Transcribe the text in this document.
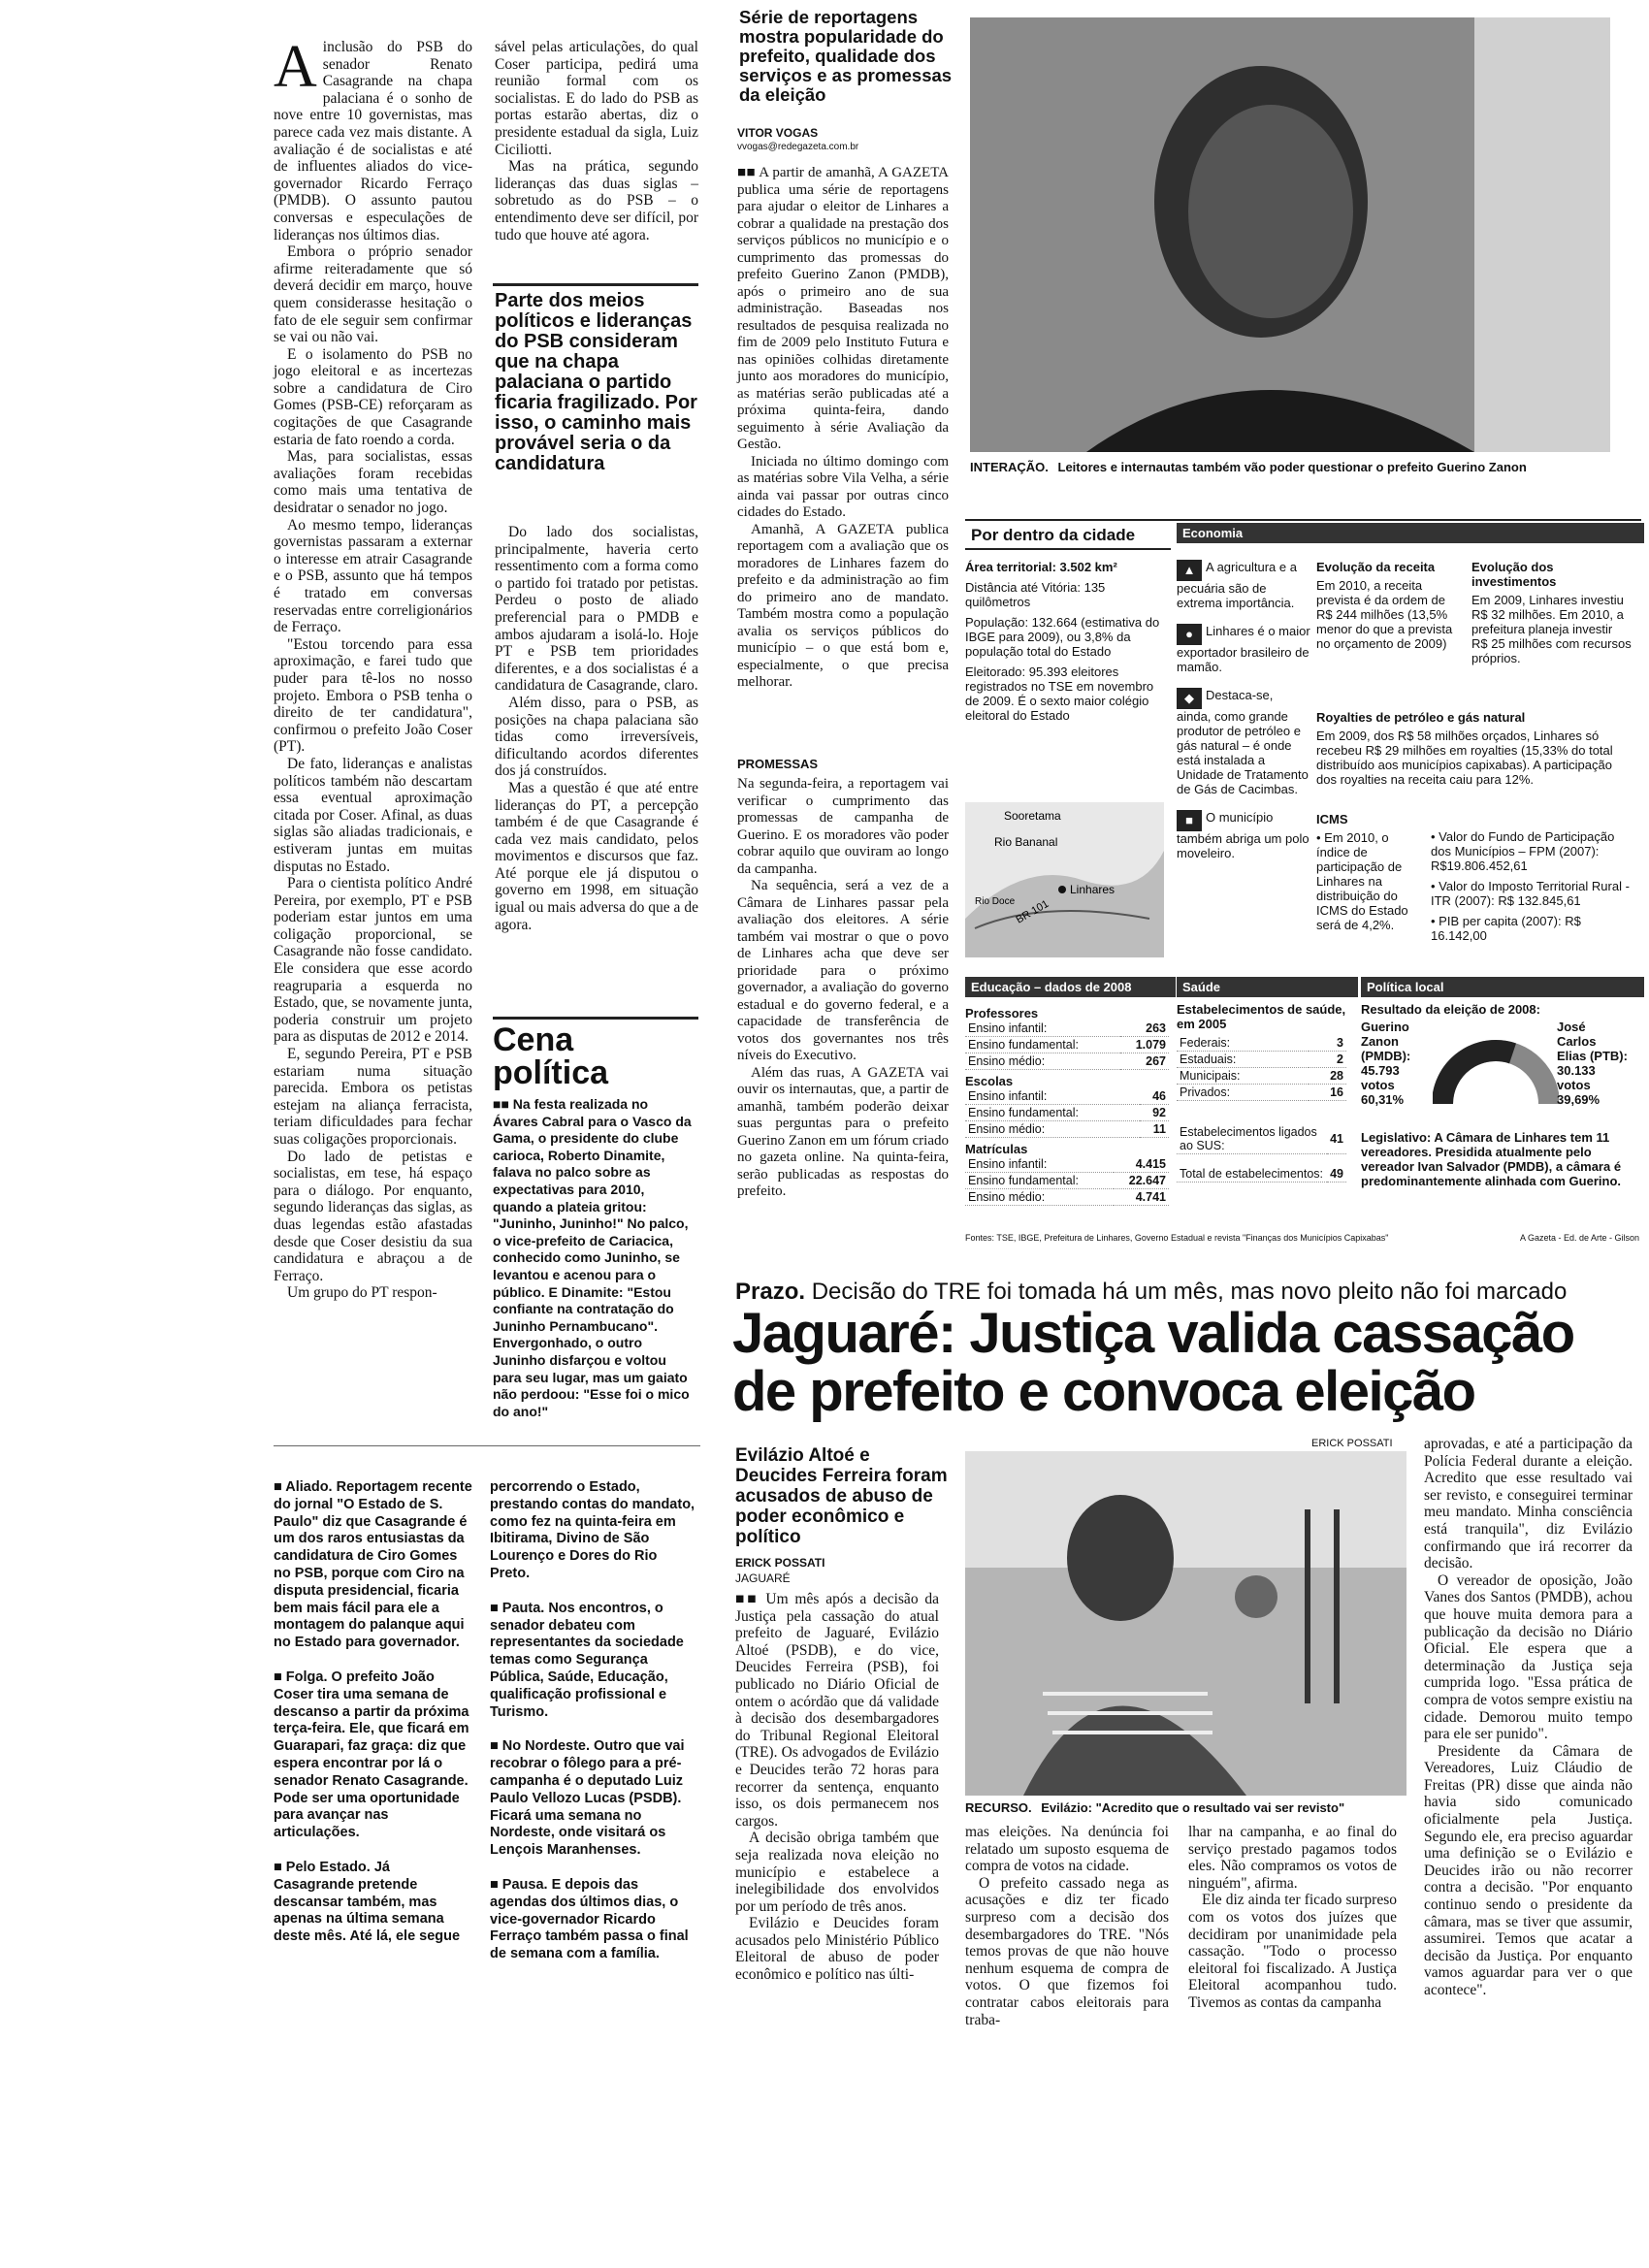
A inclusão do PSB do senador Renato Casagrande na chapa palaciana é o sonho de nove entre 10 governistas, mas parece cada vez mais distante. A avaliação é de socialistas e até de influentes aliados do vice-governador Ricardo Ferraço (PMDB). O assunto pautou conversas e especulações de lideranças nos últimos dias.

Embora o próprio senador afirme reiteradamente que só deverá decidir em março, houve quem considerasse hesitação o fato de ele seguir sem confirmar se vai ou não vai.

E o isolamento do PSB no jogo eleitoral e as incertezas sobre a candidatura de Ciro Gomes (PSB-CE) reforçaram as cogitações de que Casagrande estaria de fato roendo a corda.

Mas, para socialistas, essas avaliações foram recebidas como mais uma tentativa de desidratar o senador no jogo.

Ao mesmo tempo, lideranças governistas passaram a externar o interesse em atrair Casagrande e o PSB, assunto que há tempos é tratado em conversas reservadas entre correligionários de Ferraço.

"Estou torcendo para essa aproximação, e farei tudo que puder para tê-los no nosso projeto. Embora o PSB tenha o direito de ter candidatura", confirmou o prefeito João Coser (PT).

De fato, lideranças e analistas políticos também não descartam essa eventual aproximação citada por Coser. Afinal, as duas siglas são aliadas tradicionais, e estiveram juntas em muitas disputas no Estado.

Para o cientista político André Pereira, por exemplo, PT e PSB poderiam estar juntos em uma coligação proporcional, se Casagrande não fosse candidato. Ele considera que esse acordo reagruparia a esquerda no Estado, que, se novamente junta, poderia construir um projeto para as disputas de 2012 e 2014.

E, segundo Pereira, PT e PSB estariam numa situação parecida. Embora os petistas estejam na aliança ferracista, teriam dificuldades para fechar suas coligações proporcionais.

Do lado de petistas e socialistas, em tese, há espaço para o diálogo. Por enquanto, segundo lideranças das siglas, as duas legendas estão afastadas desde que Coser desistiu da sua candidatura e abraçou a de Ferraço.

Um grupo do PT respon-

sável pelas articulações, do qual Coser participa, pedirá uma reunião formal com os socialistas. E do lado do PSB as portas estarão abertas, diz o presidente estadual da sigla, Luiz Ciciliotti.

Mas na prática, segundo lideranças das duas siglas – sobretudo as do PSB – o entendimento deve ser difícil, por tudo que houve até agora.

Parte dos meios políticos e lideranças do PSB consideram que na chapa palaciana o partido ficaria fragilizado. Por isso, o caminho mais provável seria o da candidatura

Do lado dos socialistas, principalmente, haveria certo ressentimento com a forma como o partido foi tratado por petistas. Perdeu o posto de aliado preferencial para o PMDB e ambos ajudaram a isolá-lo. Hoje PT e PSB tem prioridades diferentes, e a dos socialistas é a candidatura de Casagrande, claro.

Além disso, para o PSB, as posições na chapa palaciana são tidas como irreversíveis, dificultando acordos diferentes dos já construídos.

Mas a questão é que até entre lideranças do PT, a percepção também é de que Casagrande é cada vez mais candidato, pelos movimentos e discursos que faz. Até porque ele já disputou o governo em 1998, em situação igual ou mais adversa do que a de agora.

Cena política
■■ Na festa realizada no Ávares Cabral para o Vasco da Gama, o presidente do clube carioca, Roberto Dinamite, falava no palco sobre as expectativas para 2010, quando a plateia gritou: "Juninho, Juninho!" No palco, o vice-prefeito de Cariacica, conhecido como Juninho, se levantou e acenou para o público. E Dinamite: "Estou confiante na contratação do Juninho Pernambucano". Envergonhado, o outro Juninho disfarçou e voltou para seu lugar, mas um gaiato não perdoou: "Esse foi o mico do ano!"

■ Aliado. Reportagem recente do jornal "O Estado de S. Paulo" diz que Casagrande é um dos raros entusiastas da candidatura de Ciro Gomes no PSB, porque com Ciro na disputa presidencial, ficaria bem mais fácil para ele a montagem do palanque aqui no Estado para governador.

■ Folga. O prefeito João Coser tira uma semana de descanso a partir da próxima terça-feira. Ele, que ficará em Guarapari, faz graça: diz que espera encontrar por lá o senador Renato Casagrande. Pode ser uma oportunidade para avançar nas articulações.

■ Pelo Estado. Já Casagrande pretende descansar também, mas apenas na última semana deste mês. Até lá, ele segue

percorrendo o Estado, prestando contas do mandato, como fez na quinta-feira em Ibitirama, Divino de São Lourenço e Dores do Rio Preto.

■ Pauta. Nos encontros, o senador debateu com representantes da sociedade temas como Segurança Pública, Saúde, Educação, qualificação profissional e Turismo.

■ No Nordeste. Outro que vai recobrar o fôlego para a pré-campanha é o deputado Luiz Paulo Vellozo Lucas (PSDB). Ficará uma semana no Nordeste, onde visitará os Lençois Maranhenses.

■ Pausa. E depois das agendas dos últimos dias, o vice-governador Ricardo Ferraço também passa o final de semana com a família.

Série de reportagens mostra popularidade do prefeito, qualidade dos serviços e as promessas da eleição
VITOR VOGAS
vvogas@redegazeta.com.br

■■ A partir de amanhã, A GAZETA publica uma série de reportagens para ajudar o eleitor de Linhares a cobrar a qualidade na prestação dos serviços públicos no município e o cumprimento das promessas do prefeito Guerino Zanon (PMDB), após o primeiro ano de sua administração. Baseadas nos resultados de pesquisa realizada no fim de 2009 pelo Instituto Futura e nas opiniões colhidas diretamente junto aos moradores do município, as matérias serão publicadas até a próxima quinta-feira, dando seguimento à série Avaliação da Gestão.

Iniciada no último domingo com as matérias sobre Vila Velha, a série ainda vai passar por outras cinco cidades do Estado.

Amanhã, A GAZETA publica reportagem com a avaliação que os moradores de Linhares fazem do prefeito e da administração ao fim do primeiro ano de mandato. Também mostra como a população avalia os serviços públicos do município – o que está bom e, especialmente, o que precisa melhorar.

PROMESSAS

Na segunda-feira, a reportagem vai verificar o cumprimento das promessas de campanha de Guerino. E os moradores vão poder cobrar aquilo que ouviram ao longo da campanha.

Na sequência, será a vez de a Câmara de Linhares passar pela avaliação dos eleitores. A série também vai mostrar o que o povo de Linhares acha que deve ser prioridade para o próximo governador, a avaliação do governo estadual e do governo federal, e a capacidade de transferência de votos dos governantes nos três níveis do Executivo.

Além das ruas, A GAZETA vai ouvir os internautas, que, a partir de amanhã, também poderão deixar suas perguntas para o prefeito Guerino Zanon em um fórum criado no gazeta online. Na quinta-feira, serão publicadas as respostas do prefeito.

INTERAÇÃO. Leitores e internautas também vão poder questionar o prefeito Guerino Zanon
Por dentro da cidade
Área territorial: 3.502 km²
Distância até Vitória: 135 quilômetros
População: 132.664 (estimativa do IBGE para 2009), ou 3,8% da população total do Estado
Eleitorado: 95.393 eleitores registrados no TSE em novembro de 2009. É o sexto maior colégio eleitoral do Estado
Sooretama
Rio Bananal
Rio Doce BR 101
Linhares
Economia
▲ A agricultura e a pecuária são de extrema importância.
● Linhares é o maior exportador brasileiro de mamão.
◆ Destaca-se, ainda, como grande produtor de petróleo e gás natural – é onde está instalada a Unidade de Tratamento de Gás de Cacimbas.
■ O município também abriga um polo moveleiro.
Evolução da receita
Em 2010, a receita prevista é da ordem de R$ 244 milhões (13,5% menor do que a prevista no orçamento de 2009)
Evolução dos investimentos
Em 2009, Linhares investiu R$ 32 milhões. Em 2010, a prefeitura planeja investir R$ 25 milhões com recursos próprios.
Royalties de petróleo e gás natural
Em 2009, dos R$ 58 milhões orçados, Linhares só recebeu R$ 29 milhões em royalties (15,33% do total distribuído aos municípios capixabas). A participação dos royalties na receita caiu para 12%.
ICMS
• Em 2010, o índice de participação de Linhares na distribuição do ICMS do Estado será de 4,2%.
• Valor do Fundo de Participação dos Municípios – FPM (2007): R$19.806.452,61
• Valor do Imposto Territorial Rural - ITR (2007): R$ 132.845,61
• PIB per capita (2007): R$ 16.142,00
Educação – dados de 2008
Professores
Ensino infantil:	263
Ensino fundamental:	1.079
Ensino médio:	267
Escolas
Ensino infantil:	46
Ensino fundamental:	92
Ensino médio:	11
Matrículas
Ensino infantil:	4.415
Ensino fundamental:	22.647
Ensino médio:	4.741
Saúde
Estabelecimentos de saúde, em 2005
Federais:	3
Estaduais:	2
Municipais:	28
Privados:	16
Estabelecimentos ligados ao SUS:	41
Total de estabelecimentos:	49
Política local
Resultado da eleição de 2008:
Guerino
Zanon
(PMDB):
45.793
votos
60,31%
José
Carlos
Elias (PTB):
30.133
votos
39,69%
Legislativo: A Câmara de Linhares tem 11 vereadores. Presidida atualmente pelo vereador Ivan Salvador (PMDB), a câmara é predominantemente alinhada com Guerino.
Fontes: TSE, IBGE, Prefeitura de Linhares, Governo Estadual e revista "Finanças dos Municípios Capixabas"	A Gazeta - Ed. de Arte - Gilson
Prazo. Decisão do TRE foi tomada há um mês, mas novo pleito não foi marcado
Jaguaré: Justiça valida cassação de prefeito e convoca eleição
Evilázio Altoé e Deucides Ferreira foram acusados de abuso de poder econômico e político
ERICK POSSATI
JAGUARÉ

■■ Um mês após a decisão da Justiça pela cassação do atual prefeito de Jaguaré, Evilázio Altoé (PSDB), e do vice, Deucides Ferreira (PSB), foi publicado no Diário Oficial de ontem o acórdão que dá validade à decisão dos desembargadores do Tribunal Regional Eleitoral (TRE). Os advogados de Evilázio e Deucides terão 72 horas para recorrer da sentença, enquanto isso, os dois permanecem nos cargos.

A decisão obriga também que seja realizada nova eleição no município e estabelece a inelegibilidade dos envolvidos por um período de três anos.

Evilázio e Deucides foram acusados pelo Ministério Público Eleitoral de abuso de poder econômico e político nas últi-

ERICK POSSATI
RECURSO. Evilázio: "Acredito que o resultado vai ser revisto"

mas eleições. Na denúncia foi relatado um suposto esquema de compra de votos na cidade.

O prefeito cassado nega as acusações e diz ter ficado surpreso com a decisão dos desembargadores do TRE. "Nós temos provas de que não houve nenhum esquema de compra de votos. O que fizemos foi contratar cabos eleitorais para traba-

lhar na campanha, e ao final do serviço prestado pagamos todos eles. Não compramos os votos de ninguém", afirma.

Ele diz ainda ter ficado surpreso com os votos dos juízes que decidiram por unanimidade pela cassação. "Todo o processo eleitoral foi fiscalizado. A Justiça Eleitoral acompanhou tudo. Tivemos as contas da campanha

aprovadas, e até a participação da Polícia Federal durante a eleição. Acredito que esse resultado vai ser revisto, e conseguirei terminar meu mandato. Minha consciência está tranquila", diz Evilázio confirmando que irá recorrer da decisão.

O vereador de oposição, João Vanes dos Santos (PMDB), achou que houve muita demora para a publicação da decisão no Diário Oficial. Ele espera que a determinação da Justiça seja cumprida logo. "Essa prática de compra de votos sempre existiu na cidade. Demorou muito tempo para ele ser punido".

Presidente da Câmara de Vereadores, Luiz Cláudio de Freitas (PR) disse que ainda não havia sido comunicado oficialmente pela Justiça. Segundo ele, era preciso aguardar uma definição se o Evilázio e Deucides irão ou não recorrer contra a decisão. "Por enquanto continuo sendo o presidente da câmara, mas se tiver que assumir, assumirei. Temos que acatar a decisão da Justiça. Por enquanto vamos aguardar para ver o que acontece".
